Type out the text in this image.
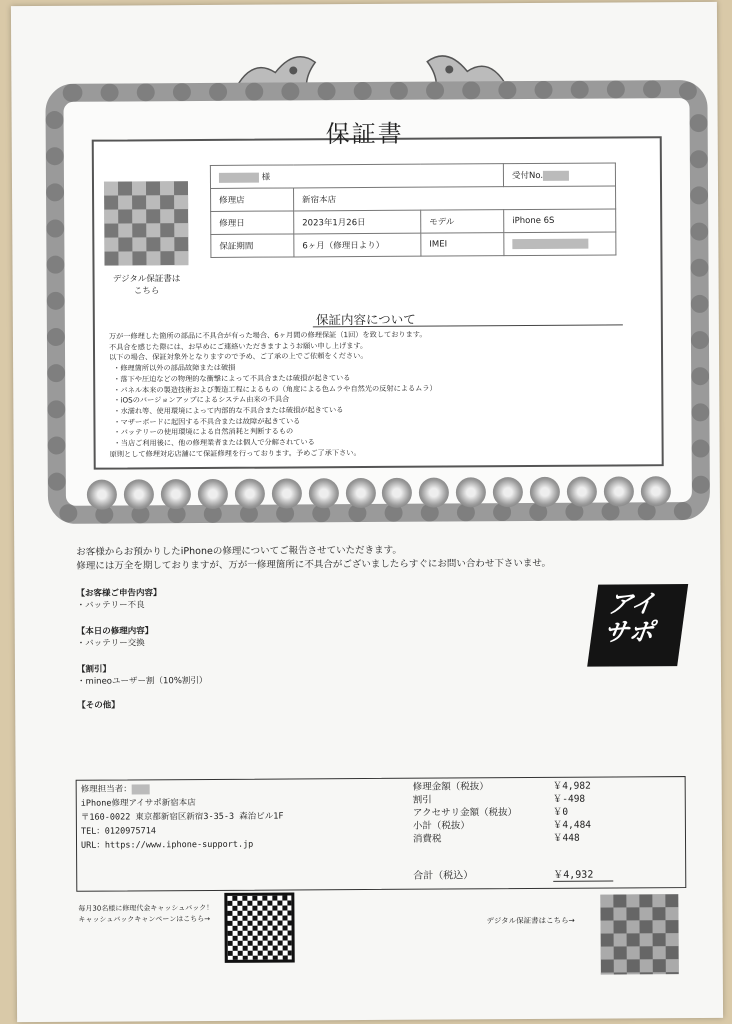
保証書
デジタル保証書は
こちら
様			受付No.
修理店	新宿本店		
修理日	2023年1月26日	モデル	iPhone 6S
保証期間	6ヶ月（修理日より）	IMEI	
保証内容について

万が一修理した箇所の部品に不具合が有った場合、6ヶ月間の修理保証（1回）を致しております。

不具合を感じた際には、お早めにご連絡いただきますようお願い申し上げます。

以下の場合、保証対象外となりますので予め、ご了承の上でご依頼をください。

・修理箇所以外の部品故障または破損

・落下や圧迫などの物理的な衝撃によって不具合または破損が起きている

・パネル本来の製造技術および製造工程によるもの（角度による色ムラや自然光の反射によるムラ）

・iOSのバージョンアップによるシステム由来の不具合

・水濡れ等、使用環境によって内部的な不具合または破損が起きている

・マザーボードに起因する不具合または故障が起きている

・バッテリーの使用環境による自然消耗と判断するもの

・当店ご利用後に、他の修理業者または個人で分解されている

原則として修理対応店舗にて保証修理を行っております。予めご了承下さい。

お客様からお預かりしたiPhoneの修理についてご報告させていただきます。

修理には万全を期しておりますが、万が一修理箇所に不具合がございましたらすぐにお問い合わせ下さいませ。

【お客様ご申告内容】
・バッテリー不良
【本日の修理内容】
・バッテリー交換
【割引】
・mineoユーザー割（10%割引）
【その他】
アイ
サポ

修理担当者：

iPhone修理アイサポ新宿本店

〒160-0022 東京都新宿区新宿3-35-3 森治ビル1F

TEL：0120975714

URL：https://www.iphone-support.jp

修理金額（税抜）	￥4,982
割引	￥-498
アクセサリ金額（税抜）	￥0
小計（税抜）	￥4,484
消費税	￥448
合計（税込）	￥4,932

毎月30名様に修理代金キャッシュバック！

キャッシュバックキャンペーンはこちら→	デジタル保証書はこちら→
